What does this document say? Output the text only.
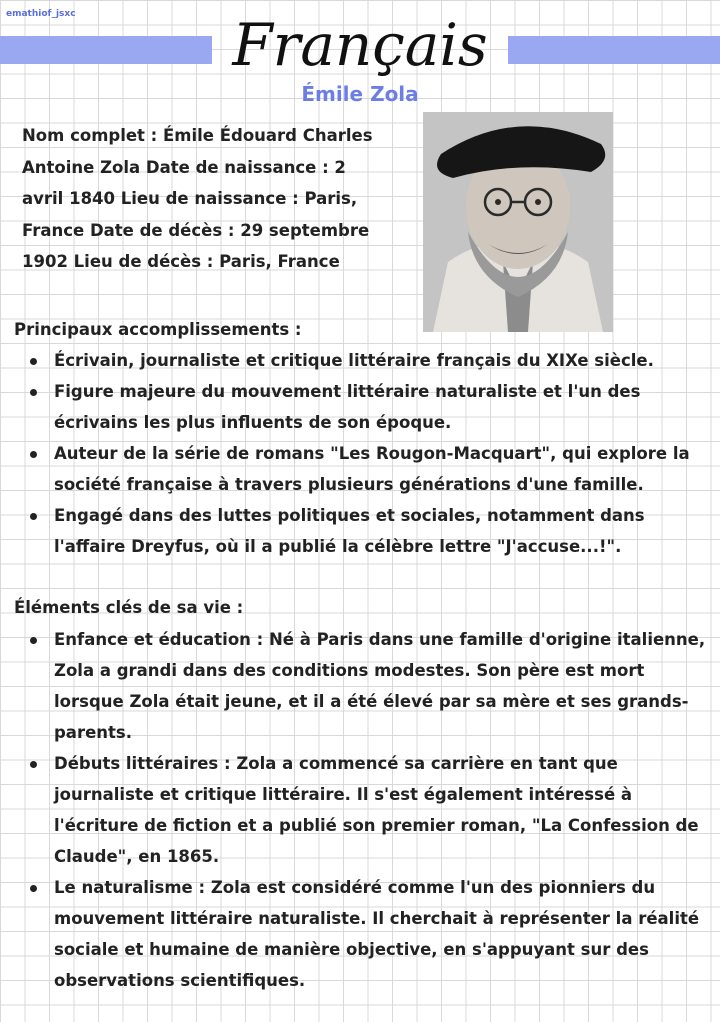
emathiof_jsxc	Français
Émile Zola
Nom complet : Émile Édouard Charles Antoine Zola Date de naissance : 2 avril 1840 Lieu de naissance : Paris, France Date de décès : 29 septembre 1902 Lieu de décès : Paris, France
Principaux accomplissements :
Écrivain, journaliste et critique littéraire français du XIXe siècle.
Figure majeure du mouvement littéraire naturaliste et l'un des écrivains les plus influents de son époque.
Auteur de la série de romans "Les Rougon-Macquart", qui explore la société française à travers plusieurs générations d'une famille.
Engagé dans des luttes politiques et sociales, notamment dans l'affaire Dreyfus, où il a publié la célèbre lettre "J'accuse...!".
Éléments clés de sa vie :
Enfance et éducation : Né à Paris dans une famille d'origine italienne, Zola a grandi dans des conditions modestes. Son père est mort lorsque Zola était jeune, et il a été élevé par sa mère et ses grands-parents.
Débuts littéraires : Zola a commencé sa carrière en tant que journaliste et critique littéraire. Il s'est également intéressé à l'écriture de fiction et a publié son premier roman, "La Confession de Claude", en 1865.
Le naturalisme : Zola est considéré comme l'un des pionniers du mouvement littéraire naturaliste. Il cherchait à représenter la réalité sociale et humaine de manière objective, en s'appuyant sur des observations scientifiques.
